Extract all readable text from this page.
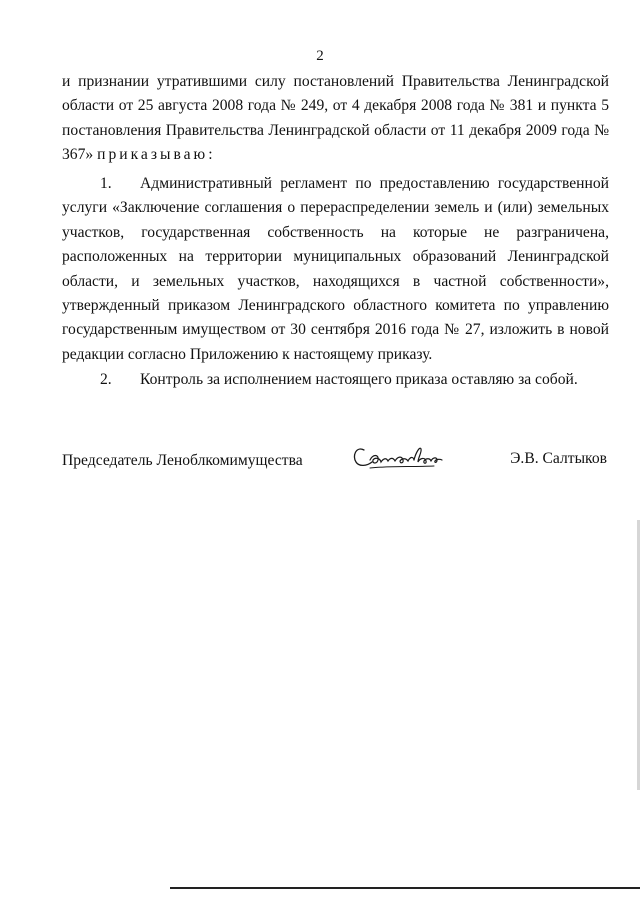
2
и признании утратившими силу постановлений Правительства Ленинградской
области от 25 августа 2008 года № 249, от 4 декабря 2008 года № 381 и пункта 5
постановления Правительства Ленинградской области от 11 декабря 2009 года №
367» приказываю:
1.	Административный регламент по предоставлению государственной
услуги «Заключение соглашения о перераспределении земель и (или) земельных
участков, государственная собственность на которые не разграничена,
расположенных на территории муниципальных образований Ленинградской
области, и земельных участков, находящихся в частной собственности»,
утвержденный приказом Ленинградского областного комитета по управлению
государственным имуществом от 30 сентября 2016 года № 27, изложить в новой
редакции согласно Приложению к настоящему приказу.
2. Контроль за исполнением настоящего приказа оставляю за собой.
Председатель Леноблкомимущества	Э.В. Салтыков
